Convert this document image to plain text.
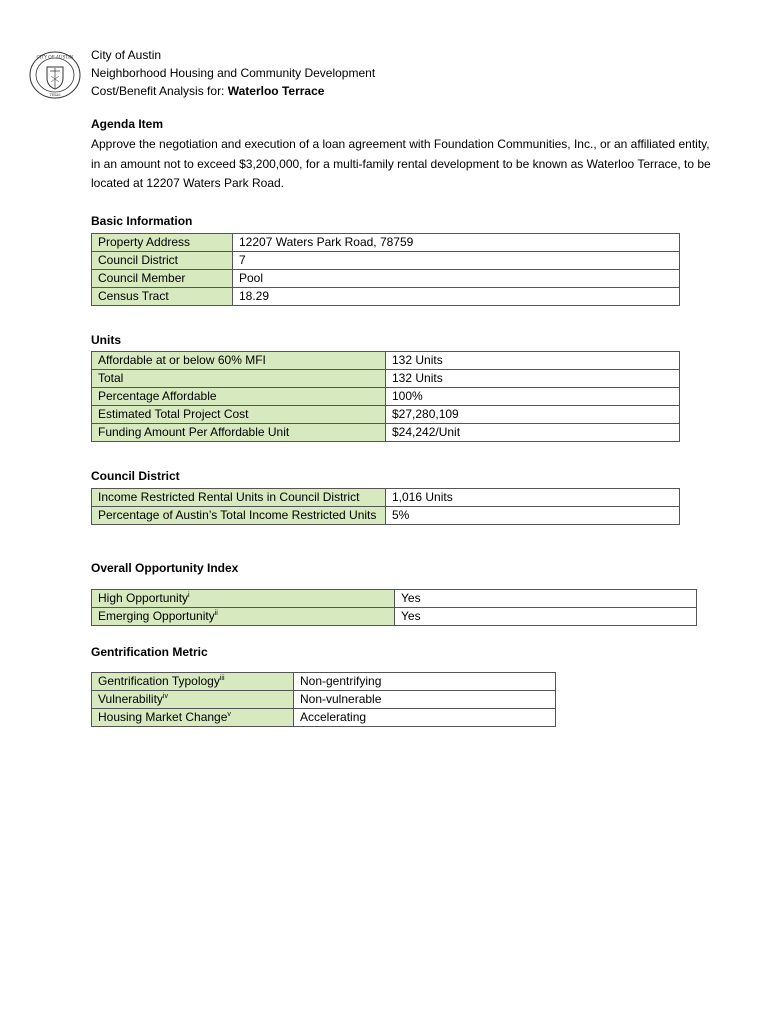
CITY OF AUSTIN
TEXAS
City of Austin
Neighborhood Housing and Community Development
Cost/Benefit Analysis for: Waterloo Terrace
Agenda Item
Approve the negotiation and execution of a loan agreement with Foundation Communities, Inc., or an affiliated entity, in an amount not to exceed $3,200,000, for a multi-family rental development to be known as Waterloo Terrace, to be located at 12207 Waters Park Road.
Basic Information
Property Address	12207 Waters Park Road, 78759
Council District	7
Council Member	Pool
Census Tract	18.29
Units
Affordable at or below 60% MFI	132 Units
Total	132 Units
Percentage Affordable	100%
Estimated Total Project Cost	$27,280,109
Funding Amount Per Affordable Unit	$24,242/Unit
Council District
Income Restricted Rental Units in Council District	1,016 Units
Percentage of Austin’s Total Income Restricted Units	5%
Overall Opportunity Index
High Opportunity$^i$	Yes
Emerging Opportunity$^{ii}$	Yes
Gentrification Metric
Gentrification Typology$^{iii}$	Non-gentrifying
Vulnerability$^{iv}$	Non-vulnerable
Housing Market Change$^v$	Accelerating
